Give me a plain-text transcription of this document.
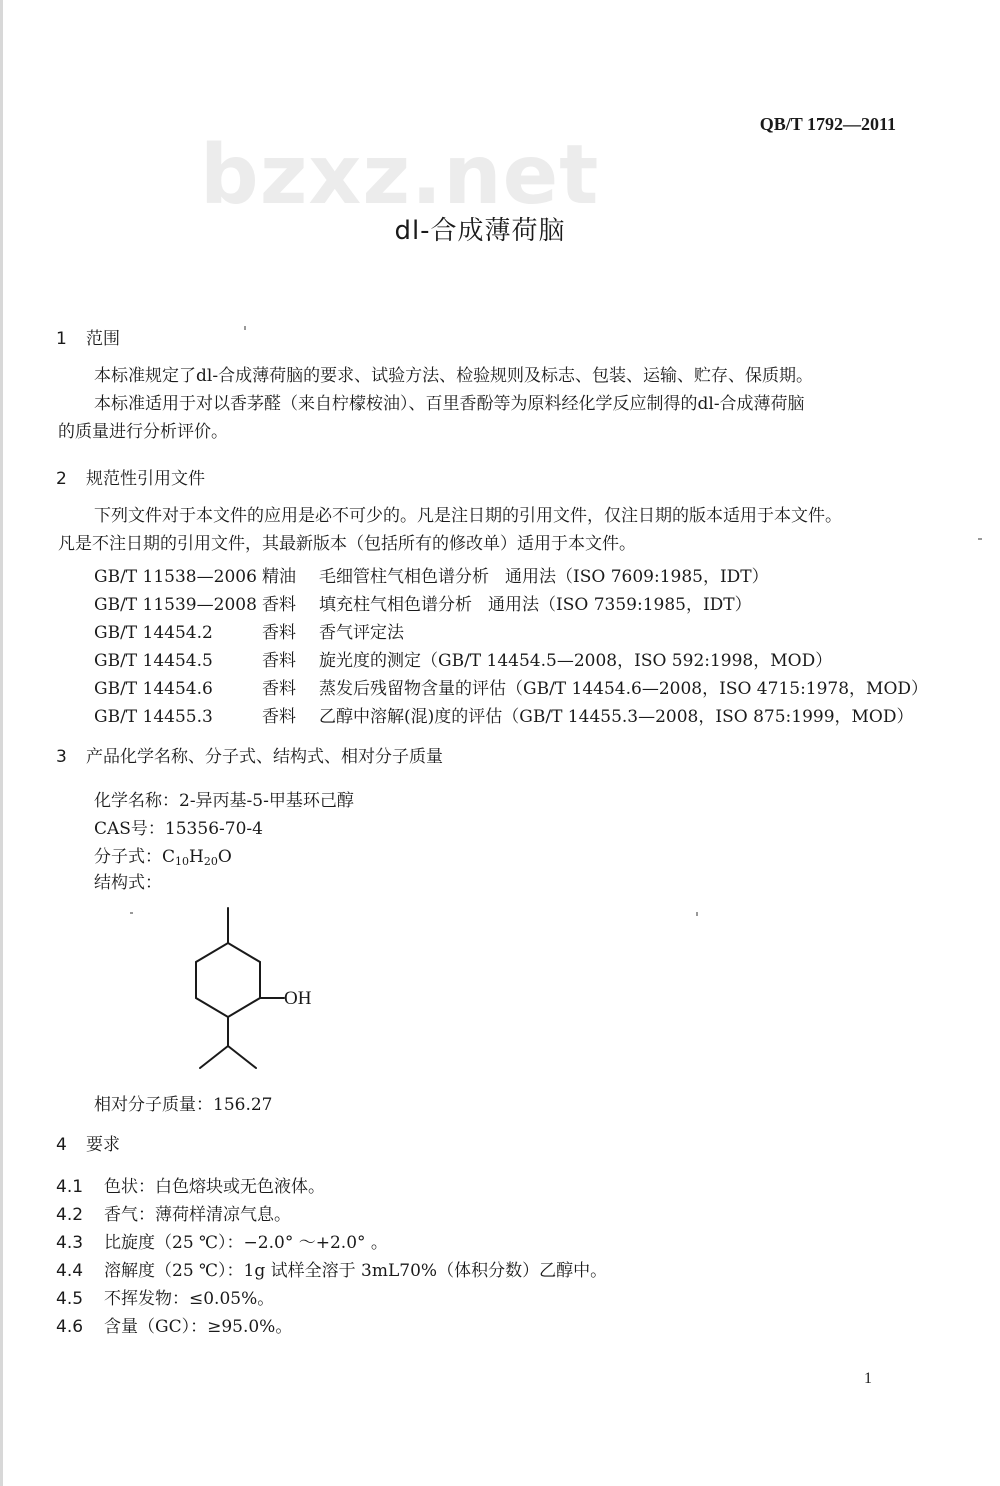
QB/T 1792—2011
bzxz.net
dl-合成薄荷脑
1 范围
本标准规定了dl-合成薄荷脑的要求、试验方法、检验规则及标志、包装、运输、贮存、保质期。
本标准适用于对以香茅醛（来自柠檬桉油）、百里香酚等为原料经化学反应制得的dl-合成薄荷脑
的质量进行分析评价。
2 规范性引用文件
下列文件对于本文件的应用是必不可少的。凡是注日期的引用文件，仅注日期的版本适用于本文件。
凡是不注日期的引用文件，其最新版本（包括所有的修改单）适用于本文件。
GB/T 11538—2006 精油 毛细管柱气相色谱分析 通用法（ISO 7609:1985，IDT）
GB/T 11539—2008 香料 填充柱气相色谱分析 通用法（ISO 7359:1985，IDT）
GB/T 14454.2	香料 香气评定法
GB/T 14454.5	香料 旋光度的测定（GB/T 14454.5—2008，ISO 592:1998，MOD）
GB/T 14454.6	香料 蒸发后残留物含量的评估（GB/T 14454.6—2008，ISO 4715:1978，MOD）
GB/T 14455.3	香料 乙醇中溶解(混)度的评估（GB/T 14455.3—2008，ISO 875:1999，MOD）
3 产品化学名称、分子式、结构式、相对分子质量
化学名称：2-异丙基-5-甲基环己醇
CAS号：15356-70-4
分子式：$C_{10}H_{20}O$
结构式：
OH
相对分子质量：156.27
4 要求
4.1 色状：白色熔块或无色液体。
4.2 香气：薄荷样清凉气息。
4.3 比旋度（25 ℃）：−2.0° ～+2.0° 。
4.4 溶解度（25 ℃）：1g 试样全溶于 3mL70%（体积分数）乙醇中。
4.5 不挥发物：≤0.05%。
4.6 含量（GC）：≥95.0%。
1
